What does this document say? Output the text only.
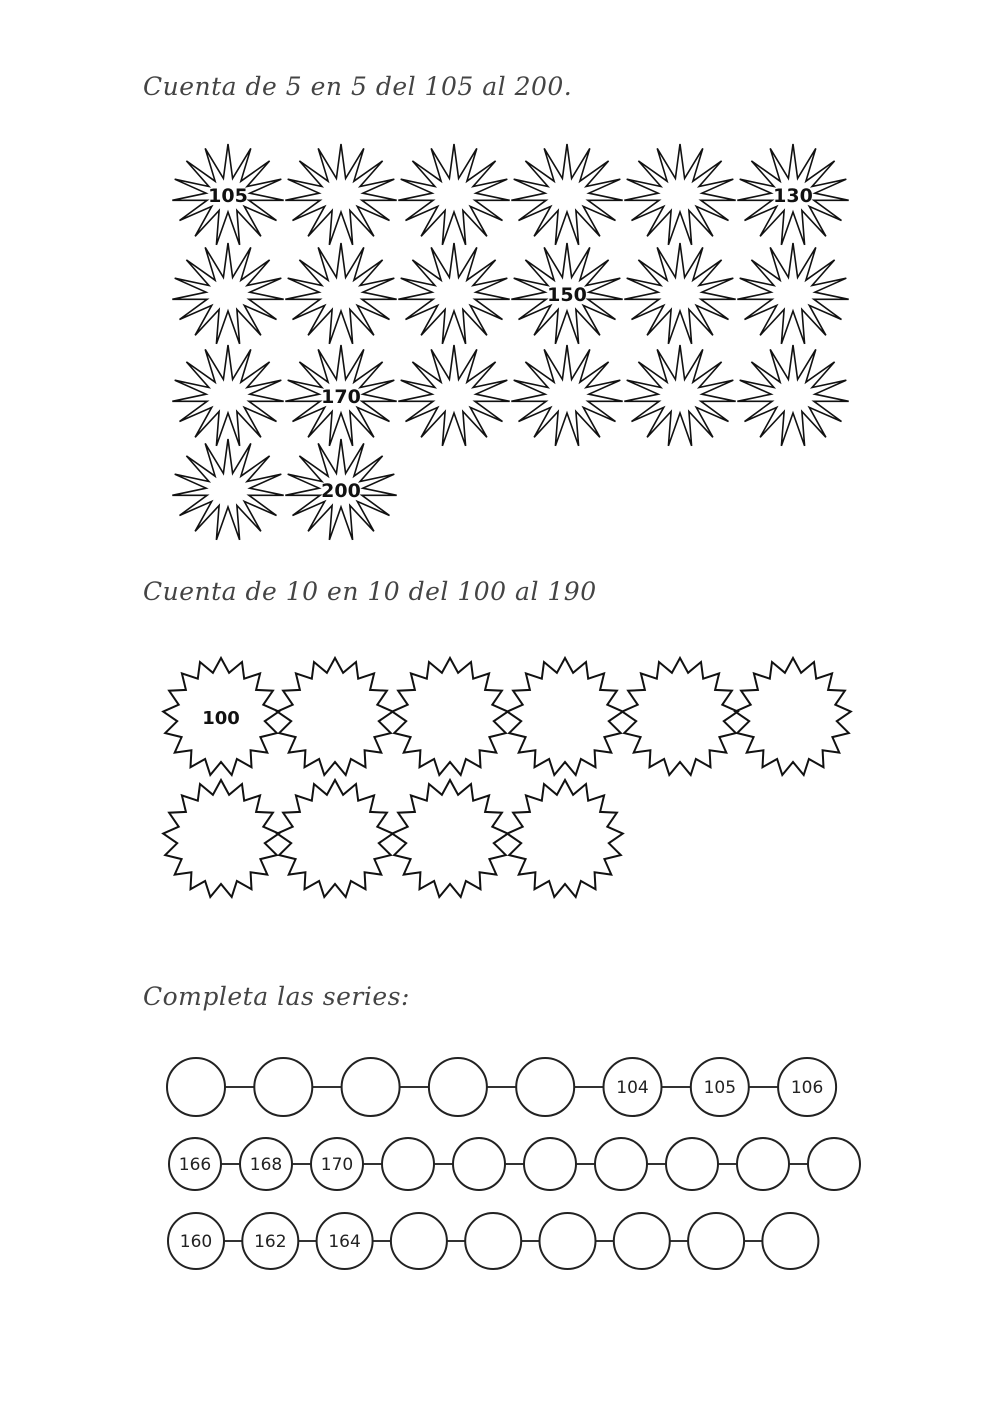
Cuenta de 5 en 5 del 105 al 200.
Cuenta de 10 en 10 del 100 al 190
Completa las series:
105	130
150
170
200
100
104	105	106
166 168 170
160 162 164
